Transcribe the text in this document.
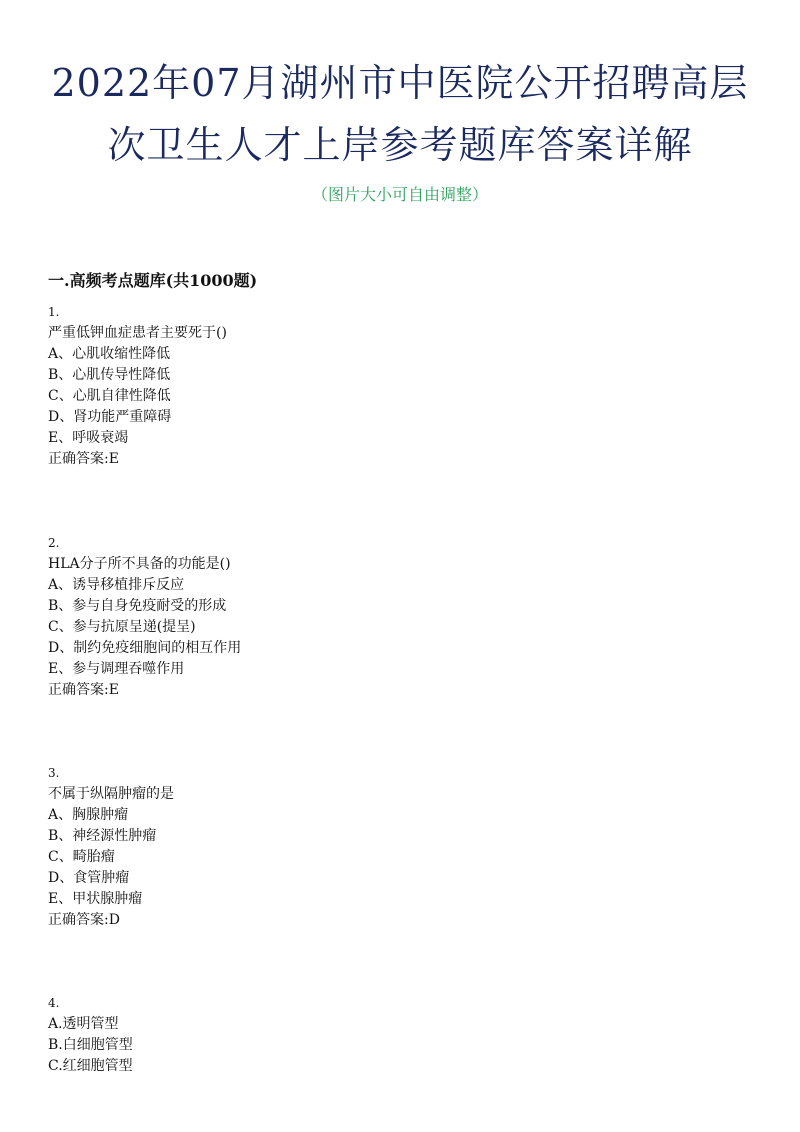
2022年07月湖州市中医院公开招聘高层
次卫生人才上岸参考题库答案详解
（图片大小可自由调整）
一.高频考点题库(共1000题)
1.
严重低钾血症患者主要死于()
A、心肌收缩性降低
B、心肌传导性降低
C、心肌自律性降低
D、肾功能严重障碍
E、呼吸衰竭
正确答案:E
2.
HLA分子所不具备的功能是()
A、诱导移植排斥反应
B、参与自身免疫耐受的形成
C、参与抗原呈递(提呈)
D、制约免疫细胞间的相互作用
E、参与调理吞噬作用
正确答案:E
3.
不属于纵隔肿瘤的是
A、胸腺肿瘤
B、神经源性肿瘤
C、畸胎瘤
D、食管肿瘤
E、甲状腺肿瘤
正确答案:D
4.
A.透明管型
B.白细胞管型
C.红细胞管型
